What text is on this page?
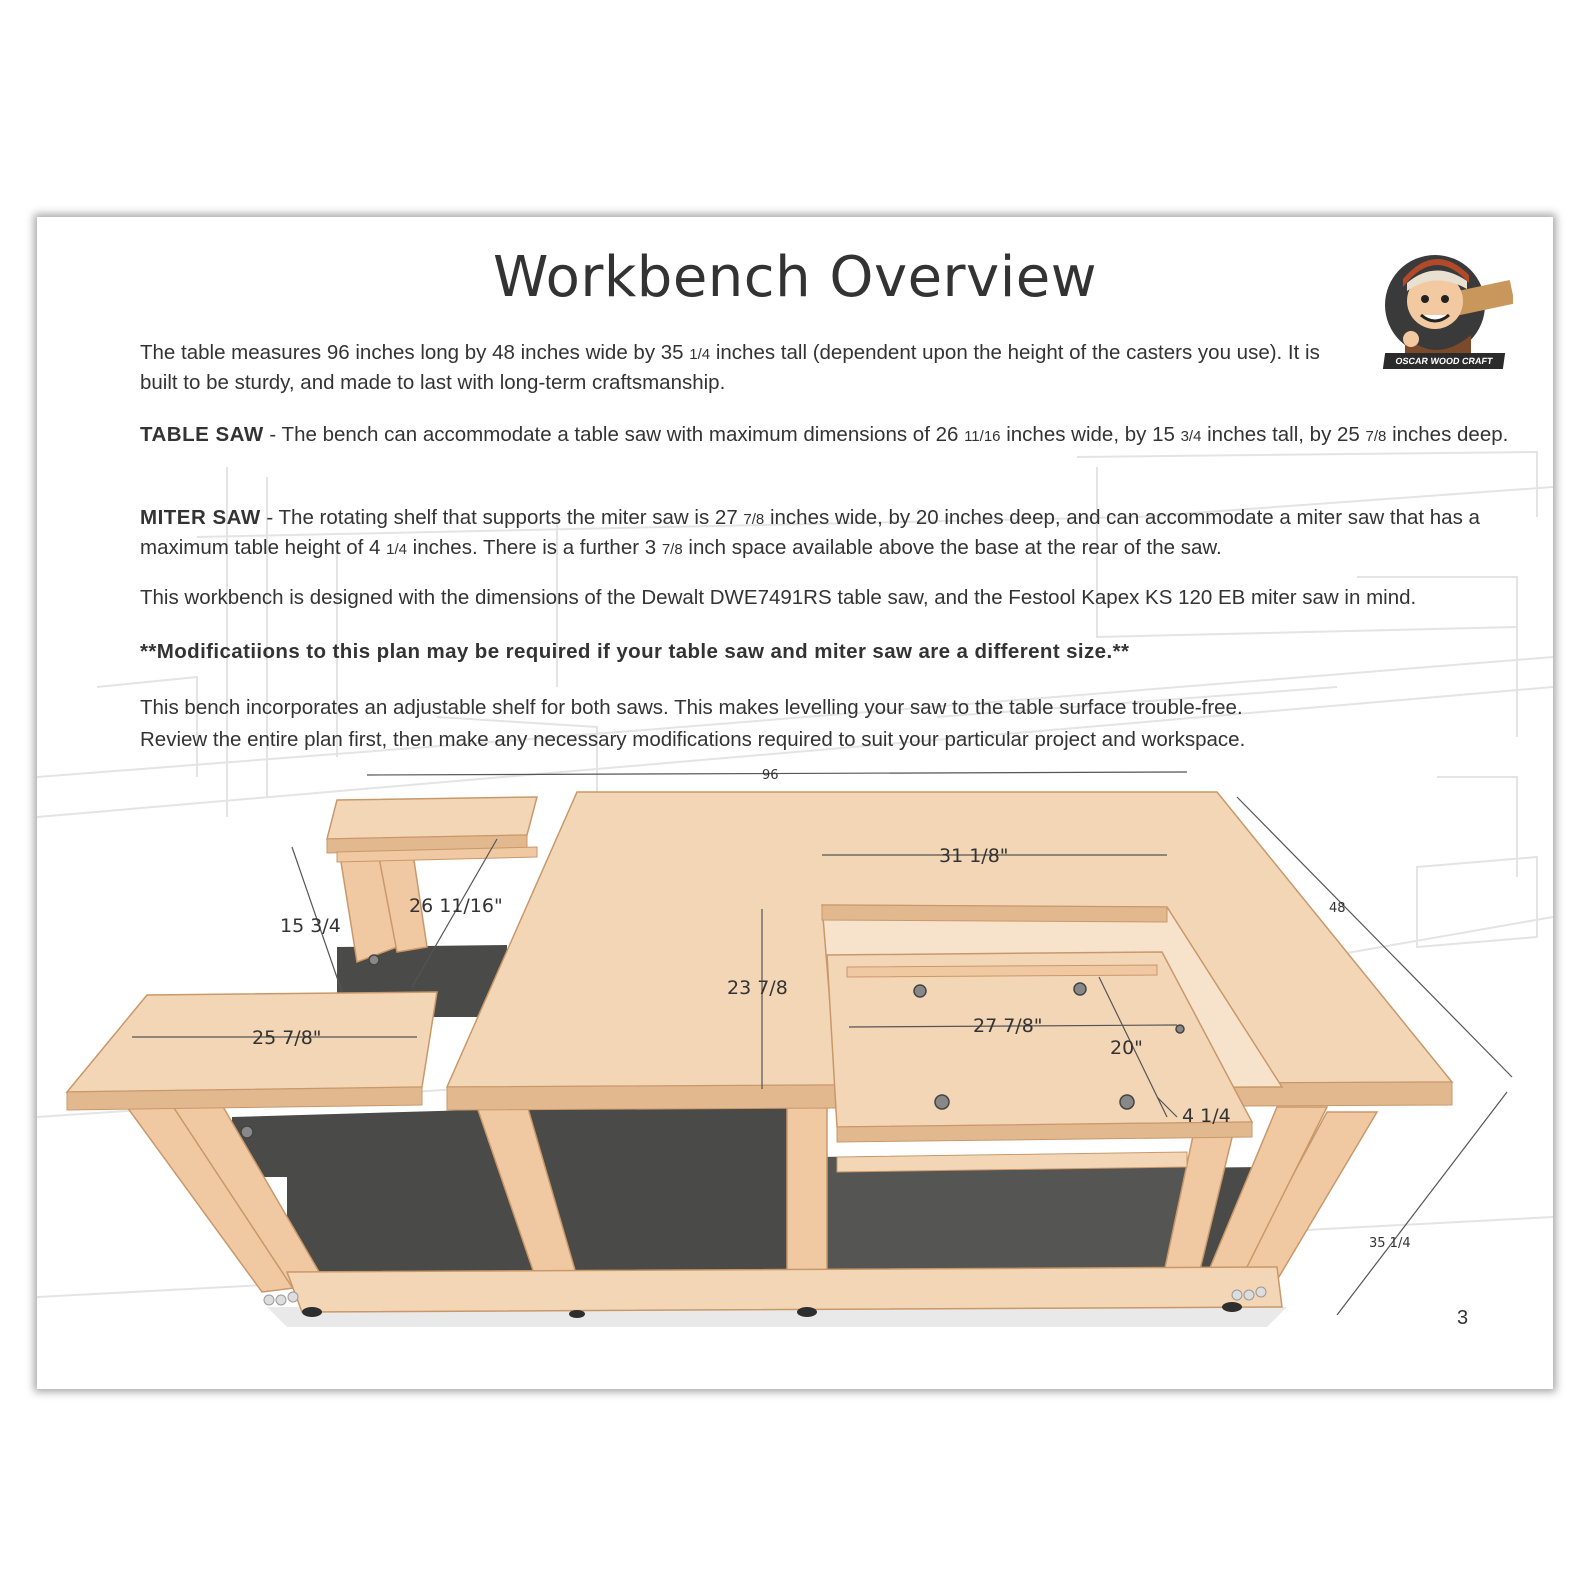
Workbench Overview
OSCAR WOOD CRAFT
The table measures 96 inches long by 48 inches wide by 35 1/4 inches tall (dependent upon the height of the casters you use). It is built to be sturdy, and made to last with long-term craftsmanship.
TABLE SAW - The bench can accommodate a table saw with maximum dimensions of 26 11/16 inches wide, by 15 3/4 inches tall, by 25 7/8 inches deep.
MITER SAW - The rotating shelf that supports the miter saw is 27 7/8 inches wide, by 20 inches deep, and can accommodate a miter saw that has a maximum table height of 4 1/4 inches. There is a further 3 7/8 inch space available above the base at the rear of the saw.
This workbench is designed with the dimensions of the Dewalt DWE7491RS table saw, and the Festool Kapex KS 120 EB miter saw in mind.
**Modificatiions to this plan may be required if your table saw and miter saw are a different size.**
This bench incorporates an adjustable shelf for both saws. This makes levelling your saw to the table surface trouble-free.
Review the entire plan first, then make any necessary modifications required to suit your particular project and workspace.
96
48
35 1/4
31 1/8"
23 7/8
27 7/8"
20"
4 1/4
15 3/4
26 11/16"
25 7/8"
3
